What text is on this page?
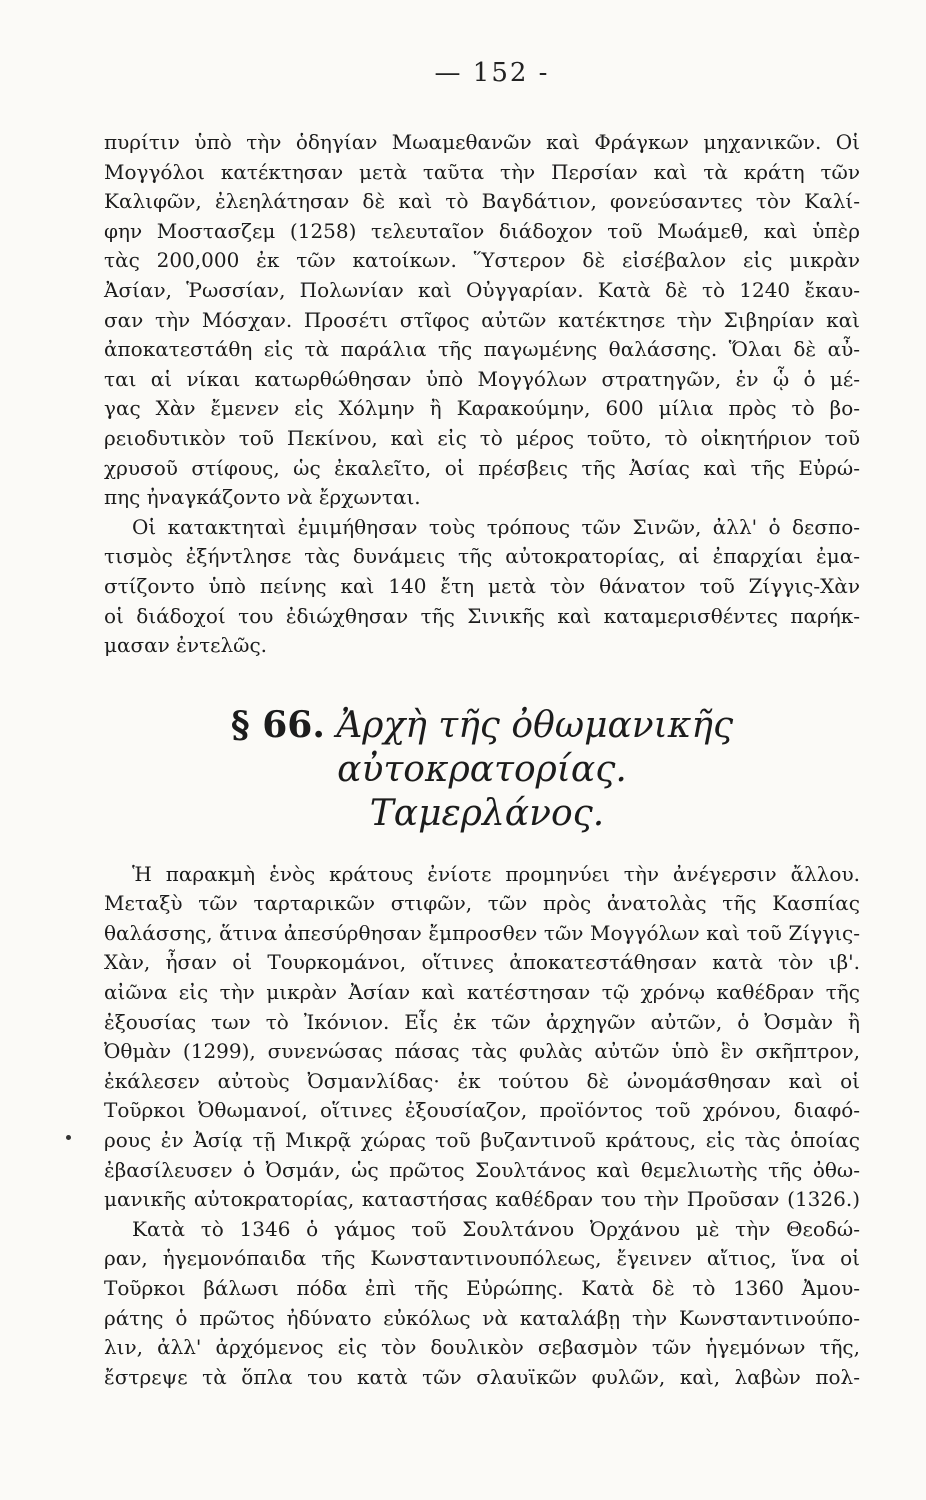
— 152 -
πυρίτιν ὑπὸ τὴν ὁδηγίαν Μωαμεθανῶν καὶ Φράγκων μηχανικῶν. Οἱ
Μογγόλοι κατέκτησαν μετὰ ταῦτα τὴν Περσίαν καὶ τὰ κράτη τῶν
Καλιφῶν, ἐλεηλάτησαν δὲ καὶ τὸ Βαγδάτιον, φονεύσαντες τὸν Καλί-
φην Μοστασζεμ (1258) τελευταῖον διάδοχον τοῦ Μωάμεθ, καὶ ὑπὲρ
τὰς 200,000 ἐκ τῶν κατοίκων. Ὕστερον δὲ εἰσέβαλον εἰς μικρὰν
Ἀσίαν, Ῥωσσίαν, Πολωνίαν καὶ Οὐγγαρίαν. Κατὰ δὲ τὸ 1240 ἔκαυ-
σαν τὴν Μόσχαν. Προσέτι στῖφος αὐτῶν κατέκτησε τὴν Σιβηρίαν καὶ
ἀποκατεστάθη εἰς τὰ παράλια τῆς παγωμένης θαλάσσης. Ὅλαι δὲ αὖ-
ται αἱ νίκαι κατωρθώθησαν ὑπὸ Μογγόλων στρατηγῶν, ἐν ᾧ ὁ μέ-
γας Χὰν ἔμενεν εἰς Χόλμην ἢ Καρακούμην, 600 μίλια πρὸς τὸ βο-
ρειοδυτικὸν τοῦ Πεκίνου, καὶ εἰς τὸ μέρος τοῦτο, τὸ οἰκητήριον τοῦ
χρυσοῦ στίφους, ὡς ἐκαλεῖτο, οἱ πρέσβεις τῆς Ἀσίας καὶ τῆς Εὐρώ-
πης ἠναγκάζοντο νὰ ἔρχωνται.
Οἱ κατακτηταὶ ἐμιμήθησαν τοὺς τρόπους τῶν Σινῶν, ἀλλ' ὁ δεσπο-
τισμὸς ἐξήντλησε τὰς δυνάμεις τῆς αὐτοκρατορίας, αἱ ἐπαρχίαι ἐμα-
στίζοντο ὑπὸ πείνης καὶ 140 ἔτη μετὰ τὸν θάνατον τοῦ Ζίγγις-Χὰν
οἱ διάδοχοί του ἐδιώχθησαν τῆς Σινικῆς καὶ καταμερισθέντες παρήκ-
μασαν ἐντελῶς.
§ 66. Ἀρχὴ τῆς ὀθωμανικῆς αὐτοκρατορίας.
Ταμερλάνος.
Ἡ παρακμὴ ἑνὸς κράτους ἐνίοτε προμηνύει τὴν ἀνέγερσιν ἄλλου.
Μεταξὺ τῶν ταρταρικῶν στιφῶν, τῶν πρὸς ἀνατολὰς τῆς Κασπίας
θαλάσσης, ἅτινα ἀπεσύρθησαν ἔμπροσθεν τῶν Μογγόλων καὶ τοῦ Ζίγγις-
Χὰν, ἦσαν οἱ Τουρκομάνοι, οἵτινες ἀποκατεστάθησαν κατὰ τὸν ιβ'.
αἰῶνα εἰς τὴν μικρὰν Ἀσίαν καὶ κατέστησαν τῷ χρόνῳ καθέδραν τῆς
ἐξουσίας των τὸ Ἰκόνιον. Εἷς ἐκ τῶν ἀρχηγῶν αὐτῶν, ὁ Ὀσμὰν ἢ
Ὀθμὰν (1299), συνενώσας πάσας τὰς φυλὰς αὐτῶν ὑπὸ ἓν σκῆπτρον,
ἐκάλεσεν αὐτοὺς Ὀσμανλίδας· ἐκ τούτου δὲ ὠνομάσθησαν καὶ οἱ
Τοῦρκοι Ὀθωμανοί, οἵτινες ἐξουσίαζον, προϊόντος τοῦ χρόνου, διαφό-
ρους ἐν Ἀσίᾳ τῇ Μικρᾷ χώρας τοῦ βυζαντινοῦ κράτους, εἰς τὰς ὁποίας
ἐβασίλευσεν ὁ Ὀσμάν, ὡς πρῶτος Σουλτάνος καὶ θεμελιωτὴς τῆς ὀθω-
μανικῆς αὐτοκρατορίας, καταστήσας καθέδραν του τὴν Προῦσαν (1326.)
Κατὰ τὸ 1346 ὁ γάμος τοῦ Σουλτάνου Ὀρχάνου μὲ τὴν Θεοδώ-
ραν, ἡγεμονόπαιδα τῆς Κωνσταντινουπόλεως, ἔγεινεν αἴτιος, ἵνα οἱ
Τοῦρκοι βάλωσι πόδα ἐπὶ τῆς Εὐρώπης. Κατὰ δὲ τὸ 1360 Ἀμου-
ράτης ὁ πρῶτος ἠδύνατο εὐκόλως νὰ καταλάβῃ τὴν Κωνσταντινούπο-
λιν, ἀλλ' ἀρχόμενος εἰς τὸν δουλικὸν σεβασμὸν τῶν ἡγεμόνων τῆς,
ἔστρεψε τὰ ὅπλα του κατὰ τῶν σλαυϊκῶν φυλῶν, καὶ, λαβὼν πολ-
